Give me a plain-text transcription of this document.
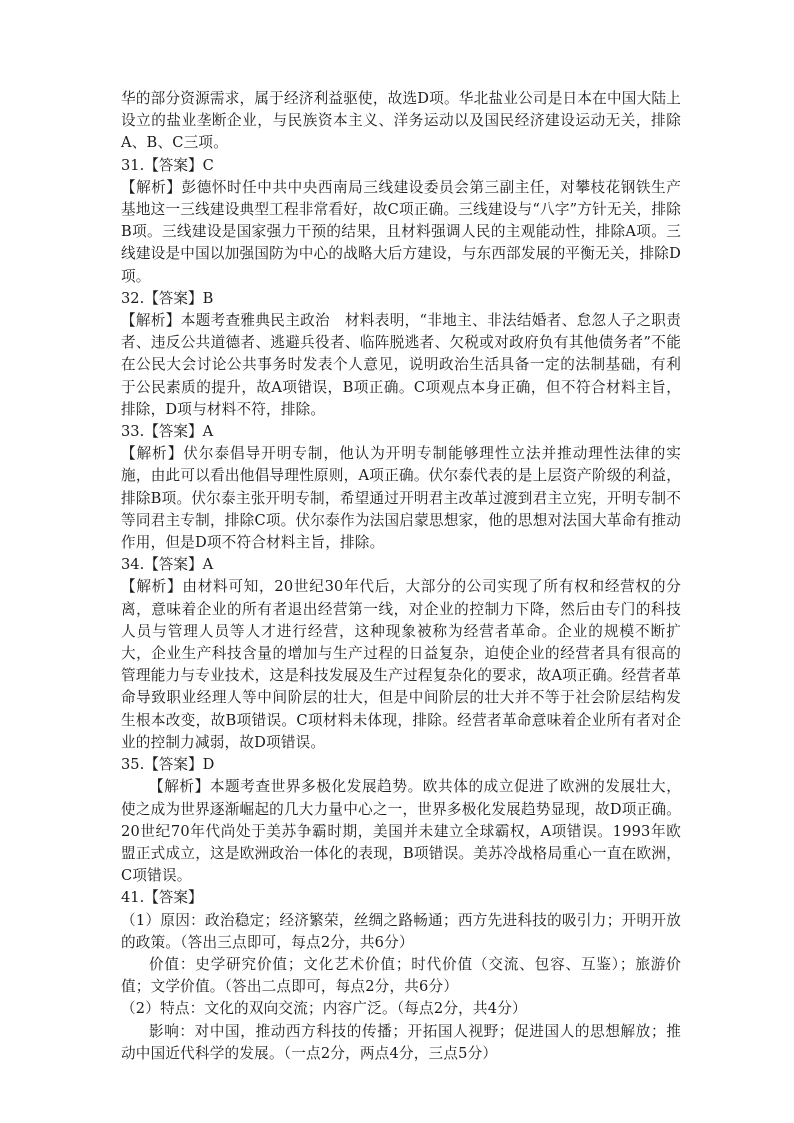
华的部分资源需求，属于经济利益驱使，故选D项。华北盐业公司是日本在中国大陆上设立的盐业垄断企业，与民族资本主义、洋务运动以及国民经济建设运动无关，排除A、B、C三项。

31.【答案】C

【解析】彭德怀时任中共中央西南局三线建设委员会第三副主任，对攀枝花钢铁生产基地这一三线建设典型工程非常看好，故C项正确。三线建设与“八字”方针无关，排除B项。三线建设是国家强力干预的结果，且材料强调人民的主观能动性，排除A项。三线建设是中国以加强国防为中心的战略大后方建设，与东西部发展的平衡无关，排除D项。

32.【答案】B

【解析】本题考查雅典民主政治　材料表明，“非地主、非法结婚者、怠忽人子之职责者、违反公共道德者、逃避兵役者、临阵脱逃者、欠税或对政府负有其他债务者”不能在公民大会讨论公共事务时发表个人意见，说明政治生活具备一定的法制基础，有利于公民素质的提升，故A项错误，B项正确。C项观点本身正确，但不符合材料主旨，排除，D项与材料不符，排除。

33.【答案】A

【解析】伏尔泰倡导开明专制，他认为开明专制能够理性立法并推动理性法律的实施，由此可以看出他倡导理性原则，A项正确。伏尔泰代表的是上层资产阶级的利益，排除B项。伏尔泰主张开明专制，希望通过开明君主改革过渡到君主立宪，开明专制不等同君主专制，排除C项。伏尔泰作为法国启蒙思想家，他的思想对法国大革命有推动作用，但是D项不符合材料主旨，排除。

34.【答案】A

【解析】由材料可知，20世纪30年代后，大部分的公司实现了所有权和经营权的分离，意味着企业的所有者退出经营第一线，对企业的控制力下降，然后由专门的科技人员与管理人员等人才进行经营，这种现象被称为经营者革命。企业的规模不断扩大，企业生产科技含量的增加与生产过程的日益复杂，迫使企业的经营者具有很高的管理能力与专业技术，这是科技发展及生产过程复杂化的要求，故A项正确。经营者革命导致职业经理人等中间阶层的壮大，但是中间阶层的壮大并不等于社会阶层结构发生根本改变，故B项错误。C项材料未体现，排除。经营者革命意味着企业所有者对企业的控制力减弱，故D项错误。

35.【答案】D

【解析】本题考查世界多极化发展趋势。欧共体的成立促进了欧洲的发展壮大，使之成为世界逐渐崛起的几大力量中心之一，世界多极化发展趋势显现，故D项正确。20世纪70年代尚处于美苏争霸时期，美国并未建立全球霸权，A项错误。1993年欧盟正式成立，这是欧洲政治一体化的表现，B项错误。美苏冷战格局重心一直在欧洲，C项错误。

41.【答案】

（1）原因：政治稳定；经济繁荣，丝绸之路畅通；西方先进科技的吸引力；开明开放的政策。（答出三点即可，每点2分，共6分）

价值：史学研究价值；文化艺术价值；时代价值（交流、包容、互鉴）；旅游价值；文学价值。（答出二点即可，每点2分，共6分）

（2）特点：文化的双向交流；内容广泛。（每点2分，共4分）

影响：对中国，推动西方科技的传播；开拓国人视野；促进国人的思想解放；推动中国近代科学的发展。（一点2分，两点4分，三点5分）
